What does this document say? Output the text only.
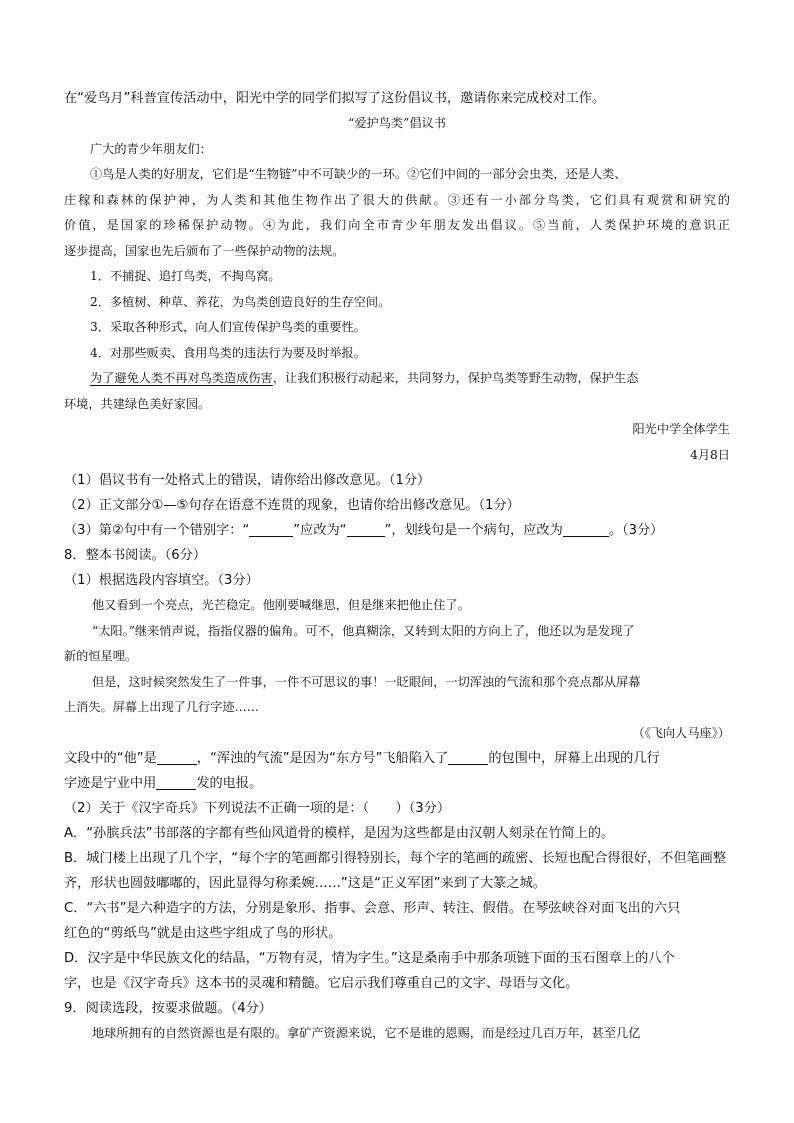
在“爱鸟月”科普宣传活动中，阳光中学的同学们拟写了这份倡议书，邀请你来完成校对工作。
“爱护鸟类”倡议书
广大的青少年朋友们：
①鸟是人类的好朋友，它们是“生物链”中不可缺少的一环。②它们中间的一部分会虫类，还是人类、
庄稼和森林的保护神，为人类和其他生物作出了很大的供献。③还有一小部分鸟类，它们具有观赏和研究的
价值，是国家的珍稀保护动物。④为此，我们向全市青少年朋友发出倡议。⑤当前，人类保护环境的意识正
逐步提高，国家也先后颁布了一些保护动物的法规。
1．不捕捉、追打鸟类，不掏鸟窝。
2．多植树、种草、养花，为鸟类创造良好的生存空间。
3．采取各种形式，向人们宣传保护鸟类的重要性。
4．对那些贩卖、食用鸟类的违法行为要及时举报。
为了避免人类不再对鸟类造成伤害，让我们积极行动起来，共同努力，保护鸟类等野生动物，保护生态
环境，共建绿色美好家园。
阳光中学全体学生
4月8日
（1）倡议书有一处格式上的错误，请你给出修改意见。（1分）
（2）正文部分①—⑤句存在语意不连贯的现象，也请你给出修改意见。（1分）
（3）第②句中有一个错别字：“	”应改为“	”，划线句是一个病句，应改为	。（3分）
8．整本书阅读。（6分）
（1）根据选段内容填空。（3分）
他又看到一个亮点，光芒稳定。他刚要喊继思，但是继来把他止住了。
“太阳。”继来悄声说，指指仪器的偏角。可不，他真糊涂，又转到太阳的方向上了，他还以为是发现了
新的恒星哩。
但是，这时候突然发生了一件事，一件不可思议的事！一眨眼间，一切浑浊的气流和那个亮点都从屏幕
上消失。屏幕上出现了几行字迹……
（《飞向人马座》）
文段中的“他”是	，“浑浊的气流”是因为“东方号”飞船陷入了	的包围中，屏幕上出现的几行
字迹是宁业中用	发的电报。
（2）关于《汉字奇兵》下列说法不正确一项的是：（　　）（3分）
A．“孙膑兵法”书部落的字都有些仙风道骨的模样，是因为这些都是由汉朝人刻录在竹简上的。
B．城门楼上出现了几个字，“每个字的笔画都引得特别长，每个字的笔画的疏密、长短也配合得很好，不但笔画整
齐，形状也圆鼓嘟嘟的，因此显得匀称柔婉……”这是“正义军团”来到了大篆之城。
C．“六书”是六种造字的方法，分别是象形、指事、会意、形声、转注、假借。在琴弦峡谷对面飞出的六只
红色的“剪纸鸟”就是由这些字组成了鸟的形状。
D．汉字是中华民族文化的结晶，“万物有灵，情为字生。”这是桑南手中那条项链下面的玉石图章上的八个
字，也是《汉字奇兵》这本书的灵魂和精髓。它启示我们尊重自己的文字、母语与文化。
9．阅读选段，按要求做题。（4分）
地球所拥有的自然资源也是有限的。拿矿产资源来说，它不是谁的恩赐，而是经过几百万年，甚至几亿
